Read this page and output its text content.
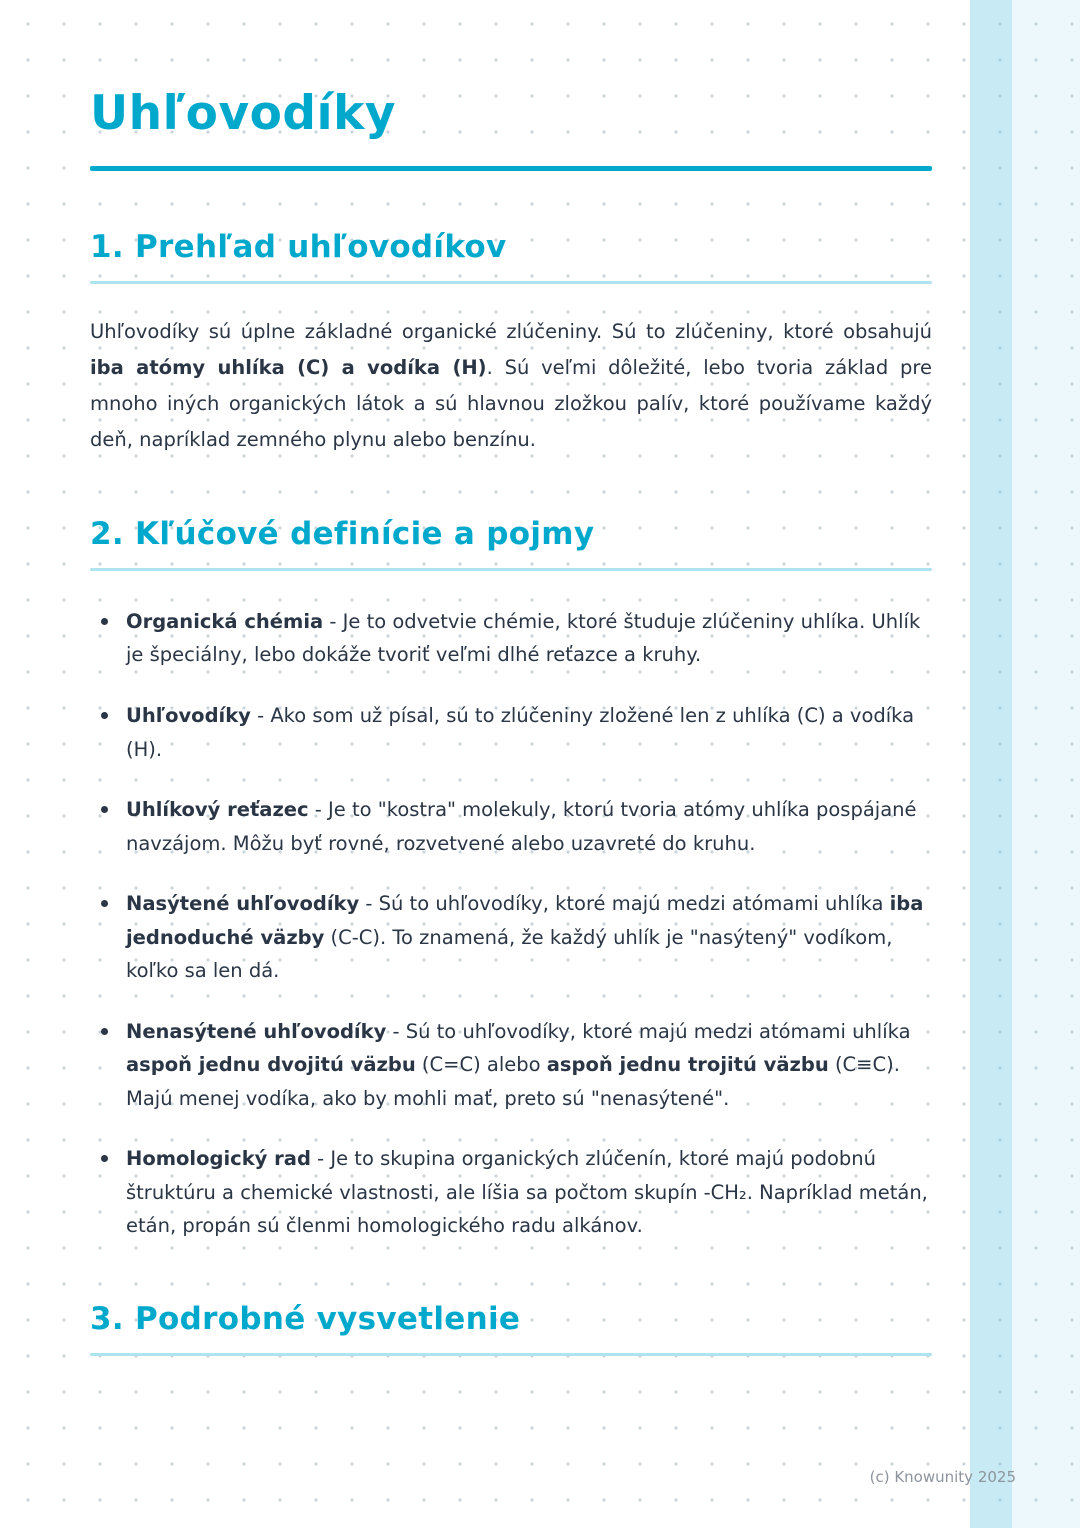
Uhľovodíky
1. Prehľad uhľovodíkov

Uhľovodíky sú úplne základné organické zlúčeniny. Sú to zlúčeniny, ktoré obsahujú iba atómy uhlíka (C) a vodíka (H). Sú veľmi dôležité, lebo tvoria základ pre mnoho iných organických látok a sú hlavnou zložkou palív, ktoré používame každý deň, napríklad zemného plynu alebo benzínu.

2. Kľúčové definície a pojmy
Organická chémia - Je to odvetvie chémie, ktoré študuje zlúčeniny uhlíka. Uhlík je špeciálny, lebo dokáže tvoriť veľmi dlhé reťazce a kruhy.
Uhľovodíky - Ako som už písal, sú to zlúčeniny zložené len z uhlíka (C) a vodíka (H).
Uhlíkový reťazec - Je to "kostra" molekuly, ktorú tvoria atómy uhlíka pospájané navzájom. Môžu byť rovné, rozvetvené alebo uzavreté do kruhu.
Nasýtené uhľovodíky - Sú to uhľovodíky, ktoré majú medzi atómami uhlíka iba jednoduché väzby (C-C). To znamená, že každý uhlík je "nasýtený" vodíkom, koľko sa len dá.
Nenasýtené uhľovodíky - Sú to uhľovodíky, ktoré majú medzi atómami uhlíka aspoň jednu dvojitú väzbu (C=C) alebo aspoň jednu trojitú väzbu (C≡C). Majú menej vodíka, ako by mohli mať, preto sú "nenasýtené".
Homologický rad - Je to skupina organických zlúčenín, ktoré majú podobnú štruktúru a chemické vlastnosti, ale líšia sa počtom skupín -CH₂. Napríklad metán, etán, propán sú členmi homologického radu alkánov.
3. Podrobné vysvetlenie
(c) Knowunity 2025
